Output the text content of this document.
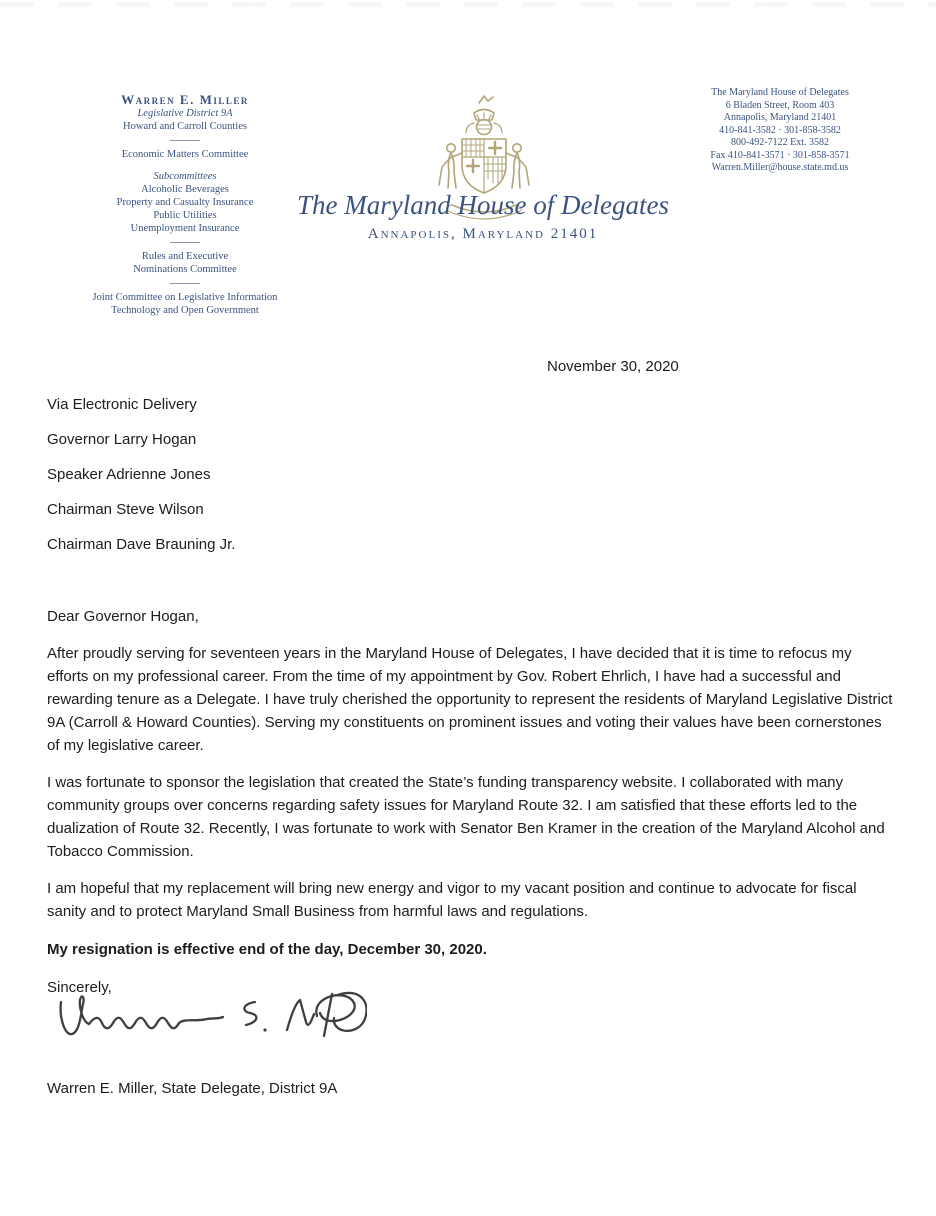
Warren E. Miller
Legislative District 9A
Howard and Carroll Counties
Economic Matters Committee
Subcommittees
Alcoholic Beverages
Property and Casualty Insurance
Public Utilities
Unemployment Insurance
Rules and Executive
Nominations Committee
Joint Committee on Legislative Information
Technology and Open Government
The Maryland House of Delegates
Annapolis, Maryland 21401
The Maryland House of Delegates
6 Bladen Street, Room 403
Annapolis, Maryland 21401
410-841-3582 · 301-858-3582
800-492-7122 Ext. 3582
Fax 410-841-3571 · 301-858-3571
Warren.Miller@house.state.md.us

November 30, 2020

Via Electronic Delivery

Governor Larry Hogan

Speaker Adrienne Jones

Chairman Steve Wilson

Chairman Dave Brauning Jr.

Dear Governor Hogan,

After proudly serving for seventeen years in the Maryland House of Delegates, I have decided that it is time to refocus my efforts on my professional career. From the time of my appointment by Gov. Robert Ehrlich, I have had a successful and rewarding tenure as a Delegate. I have truly cherished the opportunity to represent the residents of Maryland Legislative District 9A (Carroll & Howard Counties). Serving my constituents on prominent issues and voting their values have been cornerstones of my legislative career.

I was fortunate to sponsor the legislation that created the State’s funding transparency website. I collaborated with many community groups over concerns regarding safety issues for Maryland Route 32. I am satisfied that these efforts led to the dualization of Route 32. Recently, I was fortunate to work with Senator Ben Kramer in the creation of the Maryland Alcohol and Tobacco Commission.

I am hopeful that my replacement will bring new energy and vigor to my vacant position and continue to advocate for fiscal sanity and to protect Maryland Small Business from harmful laws and regulations.

My resignation is effective end of the day, December 30, 2020.

Sincerely,

Warren E. Miller, State Delegate, District 9A
